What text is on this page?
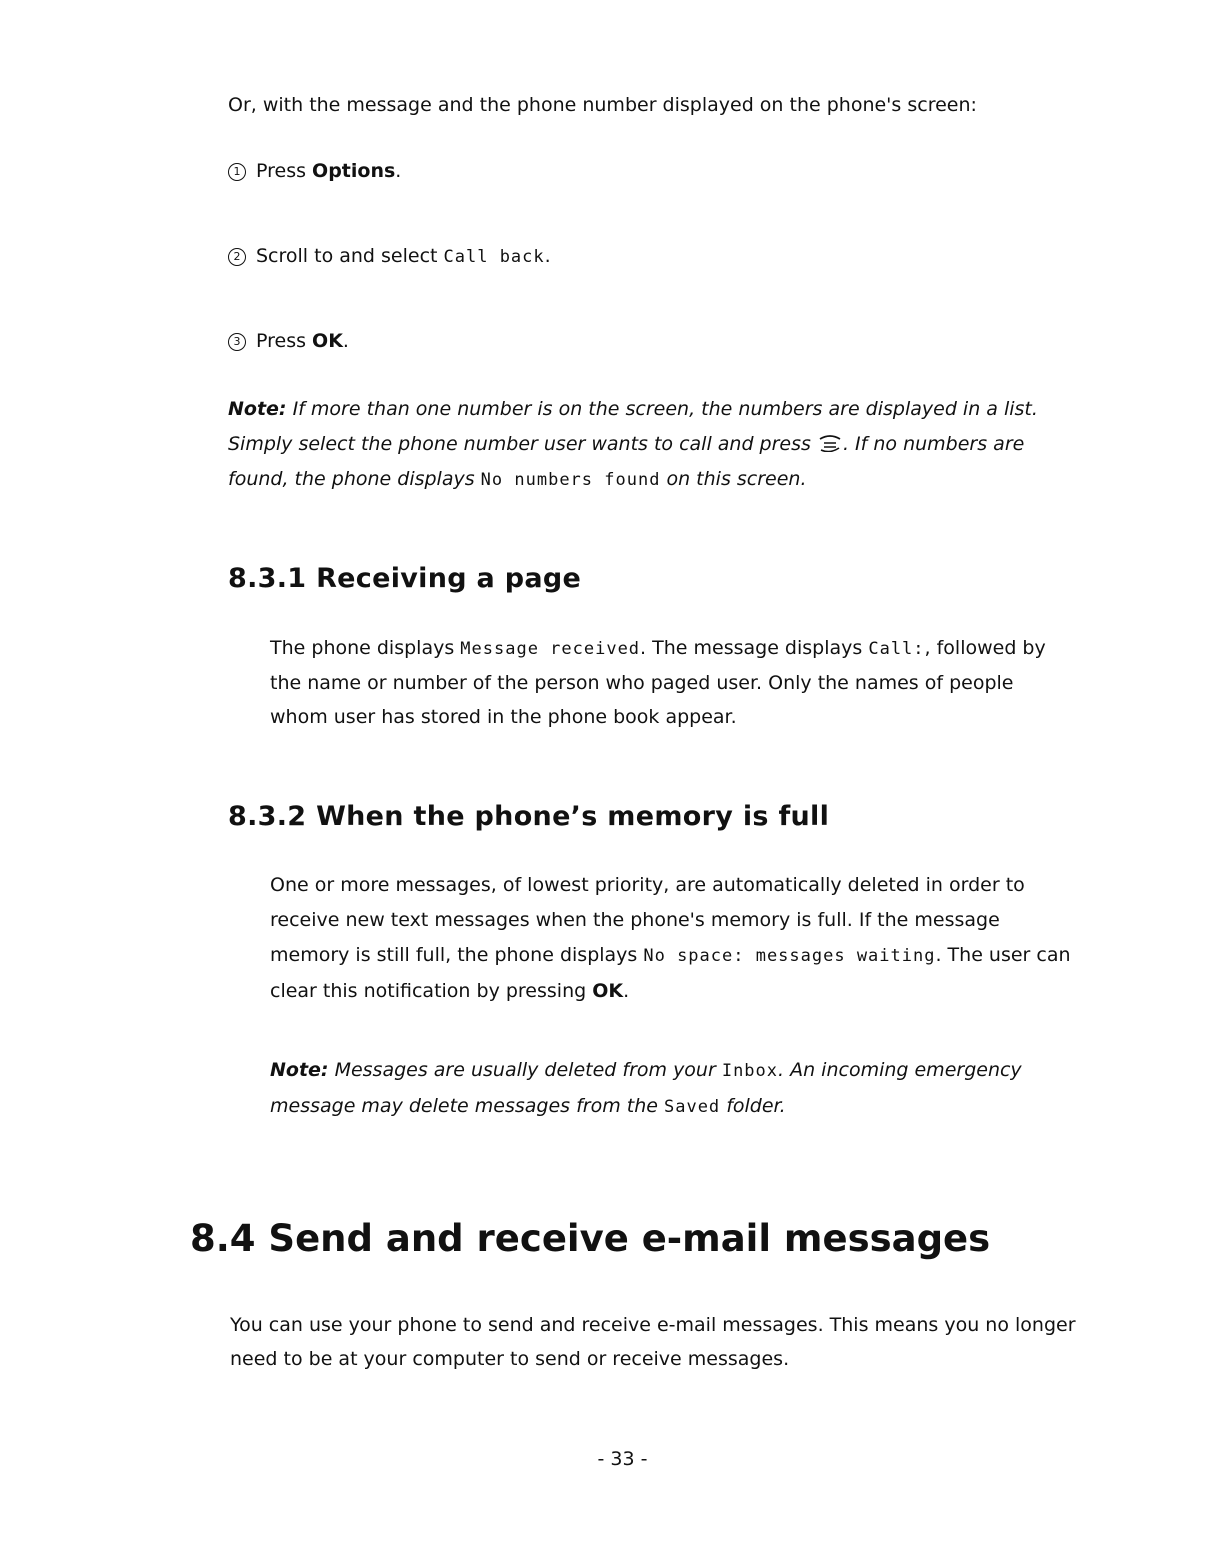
Or, with the message and the phone number displayed on the phone's screen:

1 Press Options.

2 Scroll to and select Call back.

3 Press OK.

Note: If more than one number is on the screen, the numbers are displayed in a list. Simply select the phone number user wants to call and press . If no numbers are found, the phone displays No numbers found on this screen.

8.3.1 Receiving a page

The phone displays Message received. The message displays Call:, followed by the name or number of the person who paged user. Only the names of people whom user has stored in the phone book appear.

8.3.2 When the phone’s memory is full

One or more messages, of lowest priority, are automatically deleted in order to receive new text messages when the phone's memory is full. If the message memory is still full, the phone displays No space: messages waiting. The user can clear this notification by pressing OK.

Note: Messages are usually deleted from your Inbox. An incoming emergency message may delete messages from the Saved folder.

8.4 Send and receive e-mail messages

You can use your phone to send and receive e-mail messages. This means you no longer need to be at your computer to send or receive messages.

- 33 -
